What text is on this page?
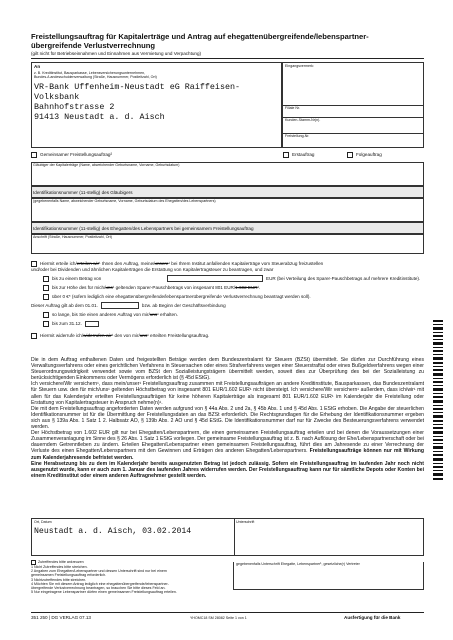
Freistellungsauftrag für Kapitalerträge und Antrag auf ehegattenübergreifende/lebenspartner-
übergreifende Verlustverrechnung
(gilt nicht für Betriebseinnahmen und Einnahmen aus Vermietung und Verpachtung)
An
z. B. Kreditinstitut, Bausparkasse, Lebensversicherungsunternehmen,
Bundes-/Landesschuldenverwaltung (Straße, Hausnummer, Postleitzahl, Ort)
VR-Bank Uffenheim-Neustadt eG Raiffeisen-
Volksbank
Bahnhofstrasse 2
91413 Neustadt a. d. Aisch
Eingangsvermerk:
Filiale Nr.
Kunden-Stamm-Nr(n).
Freistellung-Nr.
Gemeinsamer Freistellungsauftrag²	Erstauftrag	Folgeauftrag
Gläubiger der Kapitalerträge (Name, abweichender Geburtsname, Vorname, Geburtsdatum)
Identifikationsnummer (11-stellig) des Gläubigers
(gegebenenfalls Name, abweichender Geburtsname, Vorname, Geburtsdatum des Ehegatten/des Lebenspartners)
Identifikationsnummer (11-stellig) des Ehegatten/des Lebenspartners bei gemeinsamem Freistellungsauftrag
Anschrift (Straße, Hausnummer, Postleitzahl, Ort)
Hiermit erteile ich/erteilen wir¹ Ihnen den Auftrag, meine/unsere¹ bei Ihrem Institut anfallenden Kapitalerträge vom Steuerabzug freizustellen
und/oder bei Dividenden und ähnlichen Kapitalerträgen die Erstattung von Kapitalertragsteuer zu beantragen, und zwar
bis zu einem Betrag von	EUR (bei Verteilung des Sparer-Pauschbetrags auf mehrere Kreditinstitute).
bis zur Höhe des für mich/uns¹ geltenden Sparer-Pauschbetrags von insgesamt 801 EUR/1.602 EUR¹.
über 0 €* (sofern lediglich eine ehegattenübergreifende/lebenspartnerübergreifende Verlustverrechnung beantragt werden soll).
Dieser Auftrag gilt ab dem 01.01.	bzw. ab Beginn der Geschäftsverbindung
so lange, bis Sie einen anderen Auftrag von mir/uns¹ erhalten.
bis zum 31.12.
Hiermit widerrufe ich/widerrufen wir¹ den von mir/uns¹ erteilten Freistellungsauftrag.
Die in dem Auftrag enthaltenen Daten und freigestellten Beträge werden dem Bundeszentralamt für Steuern (BZSt) übermittelt. Sie dürfen zur Durchführung eines Verwaltungsverfahrens oder eines gerichtlichen Verfahrens in Steuersachen oder eines Strafverfahrens wegen einer Steuerstraftat oder eines Bußgeldverfahrens wegen einer Steuerordnungswidrigkeit verwendet sowie vom BZSt den Sozialleistungsträgern übermittelt werden, soweit dies zur Überprüfung des bei der Sozialleistung zu berücksichtigenden Einkommens oder Vermögens erforderlich ist (§ 45d EStG).
Ich versichere/Wir versichern¹, dass mein/unser¹ Freistellungsauftrag zusammen mit Freistellungsaufträgen an andere Kreditinstitute, Bausparkassen, das Bundeszentralamt für Steuern usw. den für mich/uns¹ geltenden Höchstbetrag von insgesamt 801 EUR/1.602 EUR¹ nicht übersteigt. Ich versichere/Wir versichern¹ außerdem, dass ich/wir¹ mit allen für das Kalenderjahr erteilten Freistellungsaufträgen für keine höheren Kapitalerträge als insgesamt 801 EUR/1.602 EUR¹ im Kalenderjahr die Freistellung oder Erstattung von Kapitalertragsteuer in Anspruch nehme(n)¹.
Die mit dem Freistellungsauftrag angeforderten Daten werden aufgrund von § 44a Abs. 2 und 2a, § 45b Abs. 1 und § 45d Abs. 1 EStG erhoben. Die Angabe der steuerlichen Identifikationsnummer ist für die Übermittlung der Freistellungsdaten an das BZSt erforderlich. Die Rechtsgrundlagen für die Erhebung der Identifikationsnummer ergeben sich aus § 139a Abs. 1 Satz 1 2. Halbsatz AO, § 139b Abs. 2 AO und § 45d EStG. Die Identifikationsnummer darf nur für Zwecke des Besteuerungsverfahrens verwendet werden.
Der Höchstbetrag von 1.602 EUR gilt nur bei Ehegatten/Lebenspartnern, die einen gemeinsamen Freistellungsauftrag erteilen und bei denen die Voraussetzungen einer Zusammenveranlagung im Sinne des § 26 Abs. 1 Satz 1 EStG vorliegen. Der gemeinsame Freistellungsauftrag ist z. B. nach Auflösung der Ehe/Lebenspartnerschaft oder bei dauerndem Getrenntleben zu ändern. Erteilen Ehegatten/Lebenspartner einen gemeinsamen Freistellungsauftrag, führt dies am Jahresende zu einer Verrechnung der Verluste des einen Ehegatten/Lebenspartners mit den Gewinnen und Erträgen des anderen Ehegatten/Lebenspartners. Freistellungsaufträge können nur mit Wirkung zum Kalenderjahresende befristet werden.
Eine Herabsetzung bis zu dem im Kalenderjahr bereits ausgenutzten Betrag ist jedoch zulässig. Sofern ein Freistellungsauftrag im laufenden Jahr noch nicht ausgenutzt wurde, kann er auch zum 1. Januar des laufenden Jahres widerrufen werden. Der Freistellungsauftrag kann nur für sämtliche Depots oder Konten bei einem Kreditinstitut oder einem anderen Auftragnehmer gestellt werden.
Ort, Datum
Neustadt a. d. Aisch, 03.02.2014
Unterschrift
Zutreffendes bitte ankreuzen
1 Nicht Zutreffendes bitte streichen.
2 Angaben zum Ehegatten/Lebenspartner und dessen Unterschrift sind nur bei einem
gemeinsamen Freistellungsauftrag erforderlich.
3 Nichtzutreffendes bitte streichen.
4 Möchten Sie mit diesem Antrag lediglich eine ehegattenübergreifende/lebenspartner-
übergreifende Verlustverrechnung beantragen, so brauchen Sie bitte dieses Feld an.
5 Nur eingetragene Lebenspartner dürfen einen gemeinsamen Freistellungsauftrag erteilen.
gegebenenfalls Unterschrift Ehegatte, Lebenspartner¹, gesetzliche(r) Vertreter
351 250 | DG VERLAG 07.13	YHOMC18 SM 28082 Seite 1 von 1	Ausfertigung für die Bank
